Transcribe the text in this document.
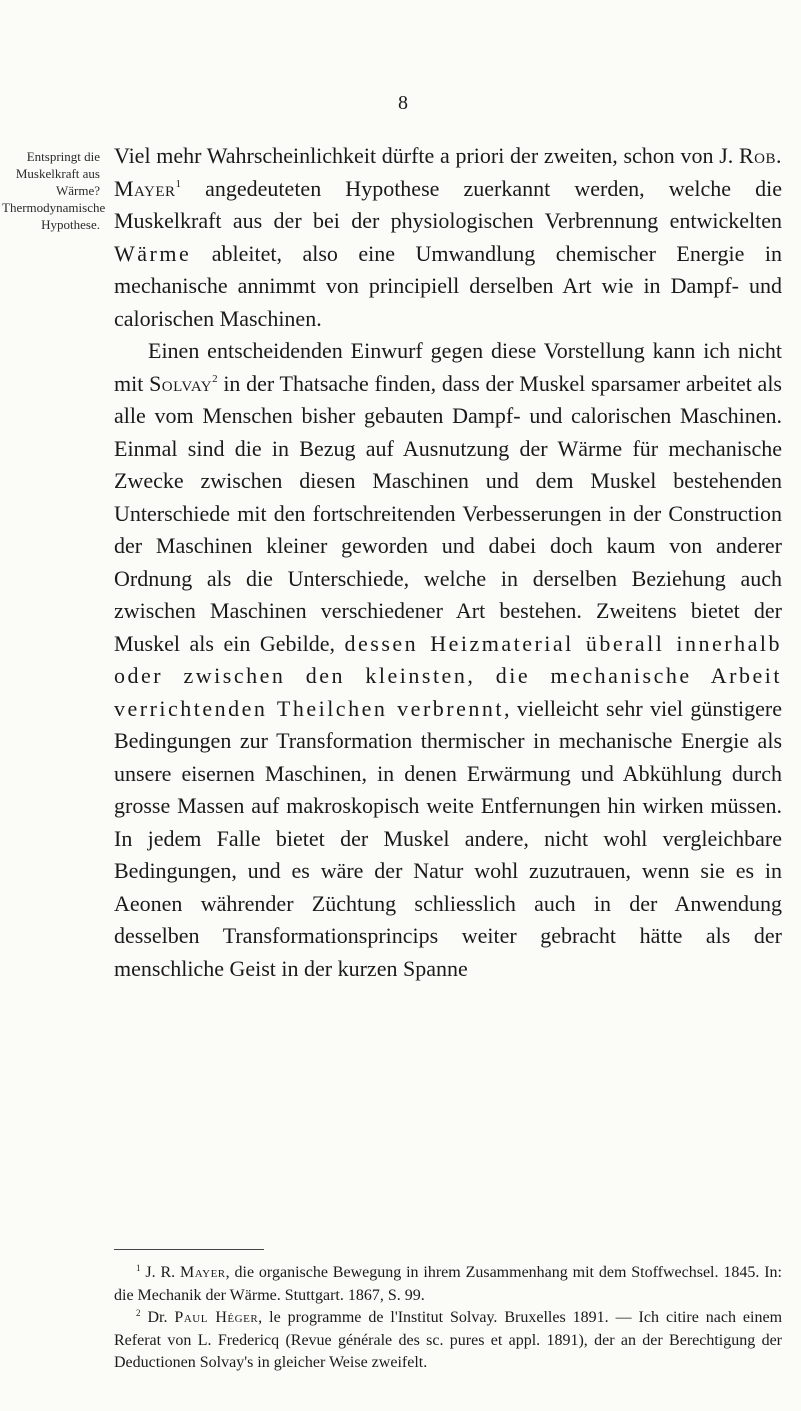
8
Entspringt die Muskelkraft aus Wärme? Thermodynamische Hypothese.

Viel mehr Wahrscheinlichkeit dürfte a priori der zweiten, schon von J. Rob. Mayer$^1$ angedeuteten Hypothese zuerkannt werden, welche die Muskelkraft aus der bei der physiologischen Verbrennung entwickelten Wärme ableitet, also eine Umwandlung chemischer Energie in mechanische annimmt von principiell derselben Art wie in Dampf- und calorischen Maschinen.

Einen entscheidenden Einwurf gegen diese Vorstellung kann ich nicht mit Solvay$^2$ in der Thatsache finden, dass der Muskel sparsamer arbeitet als alle vom Menschen bisher gebauten Dampf- und calorischen Maschinen. Einmal sind die in Bezug auf Ausnutzung der Wärme für mechanische Zwecke zwischen diesen Maschinen und dem Muskel bestehenden Unterschiede mit den fortschreitenden Verbesserungen in der Construction der Maschinen kleiner geworden und dabei doch kaum von anderer Ordnung als die Unterschiede, welche in derselben Beziehung auch zwischen Maschinen verschiedener Art bestehen. Zweitens bietet der Muskel als ein Gebilde, dessen Heizmaterial überall innerhalb oder zwischen den kleinsten, die mechanische Arbeit verrichtenden Theilchen verbrennt, vielleicht sehr viel günstigere Bedingungen zur Transformation thermischer in mechanische Energie als unsere eisernen Maschinen, in denen Erwärmung und Abkühlung durch grosse Massen auf makroskopisch weite Entfernungen hin wirken müssen. In jedem Falle bietet der Muskel andere, nicht wohl vergleichbare Bedingungen, und es wäre der Natur wohl zuzutrauen, wenn sie es in Aeonen währender Züchtung schliesslich auch in der Anwendung desselben Transformationsprincips weiter gebracht hätte als der menschliche Geist in der kurzen Spanne

$^1$ J. R. Mayer, die organische Bewegung in ihrem Zusammenhang mit dem Stoffwechsel. 1845. In: die Mechanik der Wärme. Stuttgart. 1867, S. 99.

$^2$ Dr. Paul Héger, le programme de l'Institut Solvay. Bruxelles 1891. — Ich citire nach einem Referat von L. Fredericq (Revue générale des sc. pures et appl. 1891), der an der Berechtigung der Deductionen Solvay's in gleicher Weise zweifelt.
